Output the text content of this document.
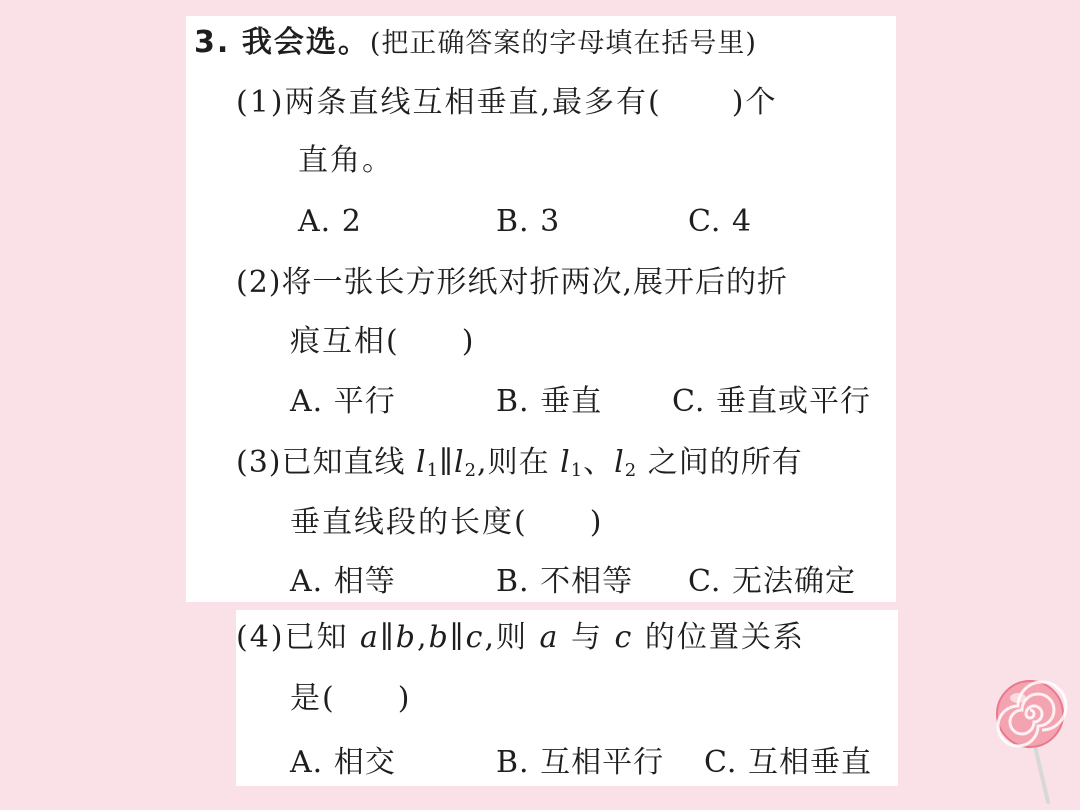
3. 我会选。(把正确答案的字母填在括号里)
(1)两条直线互相垂直,最多有( )个
直角。
A. 2	B. 3	C. 4
(2)将一张长方形纸对折两次,展开后的折
痕互相( )
A. 平行	B. 垂直 C. 垂直或平行
(3)已知直线 $l_1\parallel l_2$,则在 $l_1$、$l_2$ 之间的所有
垂直线段的长度( )
A. 相等	B. 不相等 C. 无法确定
(4)已知 a∥b,b∥c,则 a 与 c 的位置关系
是( )
A. 相交	B. 互相平行 C. 互相垂直
